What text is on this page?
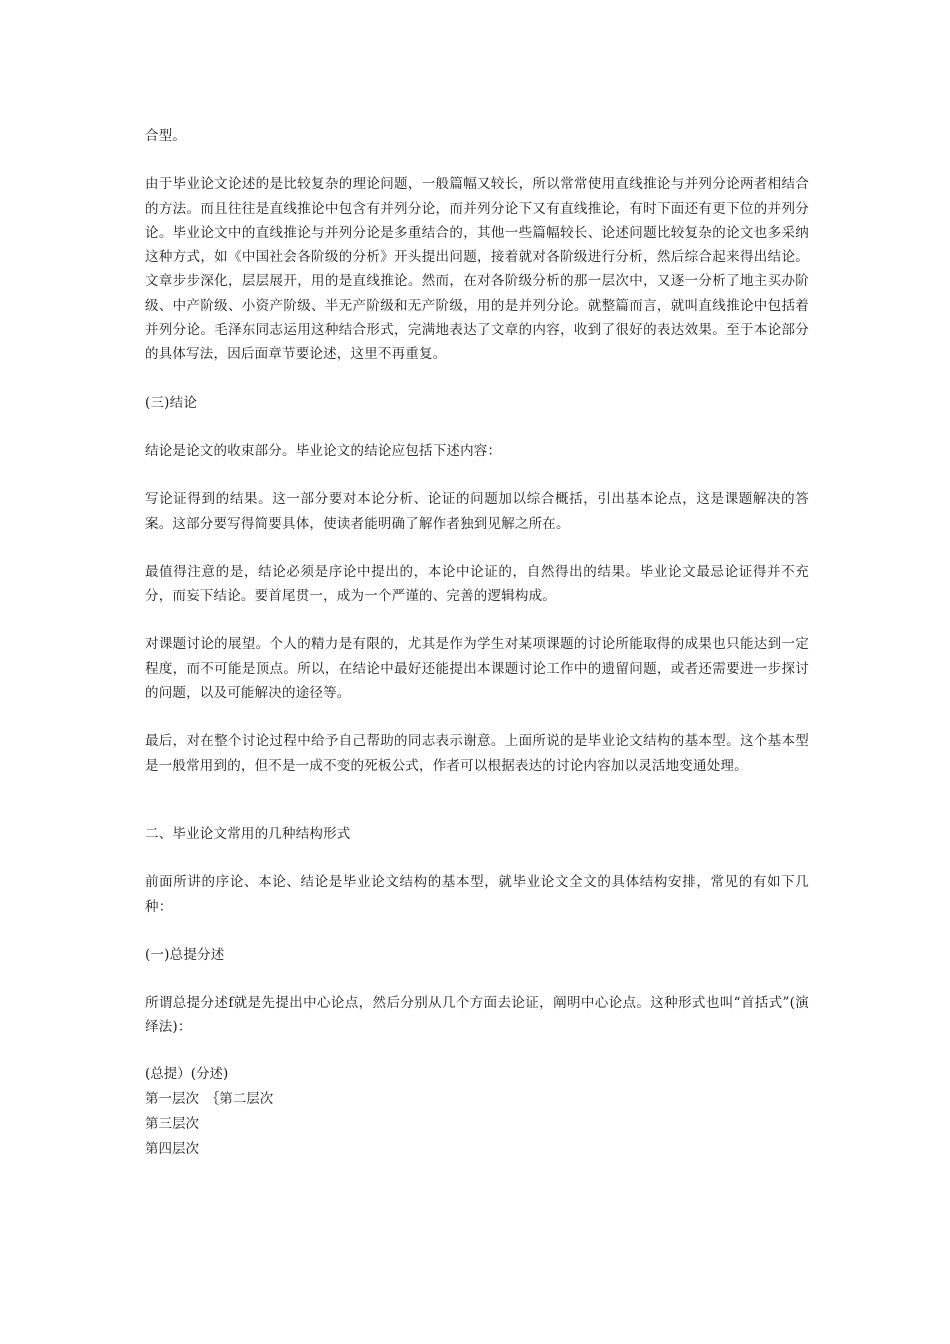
合型。

由于毕业论文论述的是比较复杂的理论问题，一般篇幅又较长，所以常常使用直线推论与并列分论两者相结合的方法。而且往往是直线推论中包含有并列分论，而并列分论下又有直线推论，有时下面还有更下位的并列分论。毕业论文中的直线推论与并列分论是多重结合的，其他一些篇幅较长、论述问题比较复杂的论文也多采纳这种方式，如《中国社会各阶级的分析》开头提出问题，接着就对各阶级进行分析，然后综合起来得出结论。文章步步深化，层层展开，用的是直线推论。然而，在对各阶级分析的那一层次中，又逐一分析了地主买办阶级、中产阶级、小资产阶级、半无产阶级和无产阶级，用的是并列分论。就整篇而言，就叫直线推论中包括着并列分论。毛泽东同志运用这种结合形式，完满地表达了文章的内容，收到了很好的表达效果。至于本论部分的具体写法，因后面章节要论述，这里不再重复。

(三)结论

结论是论文的收束部分。毕业论文的结论应包括下述内容：

写论证得到的结果。这一部分要对本论分析、论证的问题加以综合概括，引出基本论点，这是课题解决的答案。这部分要写得简要具体，使读者能明确了解作者独到见解之所在。

最值得注意的是，结论必须是序论中提出的，本论中论证的，自然得出的结果。毕业论文最忌论证得并不充分，而妄下结论。要首尾贯一，成为一个严谨的、完善的逻辑构成。

对课题讨论的展望。个人的精力是有限的，尤其是作为学生对某项课题的讨论所能取得的成果也只能达到一定程度，而不可能是顶点。所以，在结论中最好还能提出本课题讨论工作中的遗留问题，或者还需要进一步探讨的问题，以及可能解决的途径等。

最后，对在整个讨论过程中给予自己帮助的同志表示谢意。上面所说的是毕业论文结构的基本型。这个基本型是一般常用到的，但不是一成不变的死板公式，作者可以根据表达的讨论内容加以灵活地变通处理。

二、毕业论文常用的几种结构形式

前面所讲的序论、本论、结论是毕业论文结构的基本型，就毕业论文全文的具体结构安排，常见的有如下几种：

(一)总提分述

所谓总提分述f就是先提出中心论点，然后分别从几个方面去论证，阐明中心论点。这种形式也叫“首括式”(演绎法)：

(总提）(分述)
第一层次　｛第二层次
第三层次
第四层次
